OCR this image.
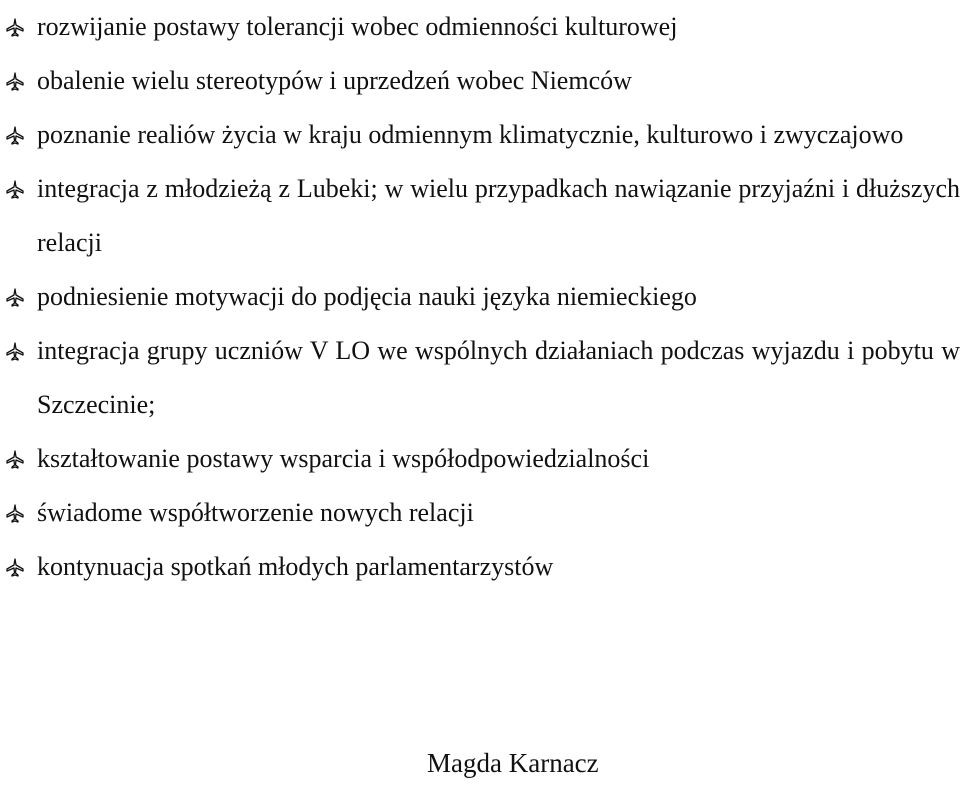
rozwijanie postawy tolerancji wobec odmienności kulturowej
obalenie wielu stereotypów i uprzedzeń wobec Niemców
poznanie realiów życia w kraju odmiennym klimatycznie, kulturowo i zwyczajowo
integracja z młodzieżą z Lubeki; w wielu przypadkach nawiązanie przyjaźni i dłuższych relacji
podniesienie motywacji do podjęcia nauki języka niemieckiego
integracja grupy uczniów V LO we wspólnych działaniach podczas wyjazdu i pobytu w Szczecinie;
kształtowanie postawy wsparcia i współodpowiedzialności
świadome współtworzenie nowych relacji
kontynuacja spotkań młodych parlamentarzystów
Magda Karnacz
